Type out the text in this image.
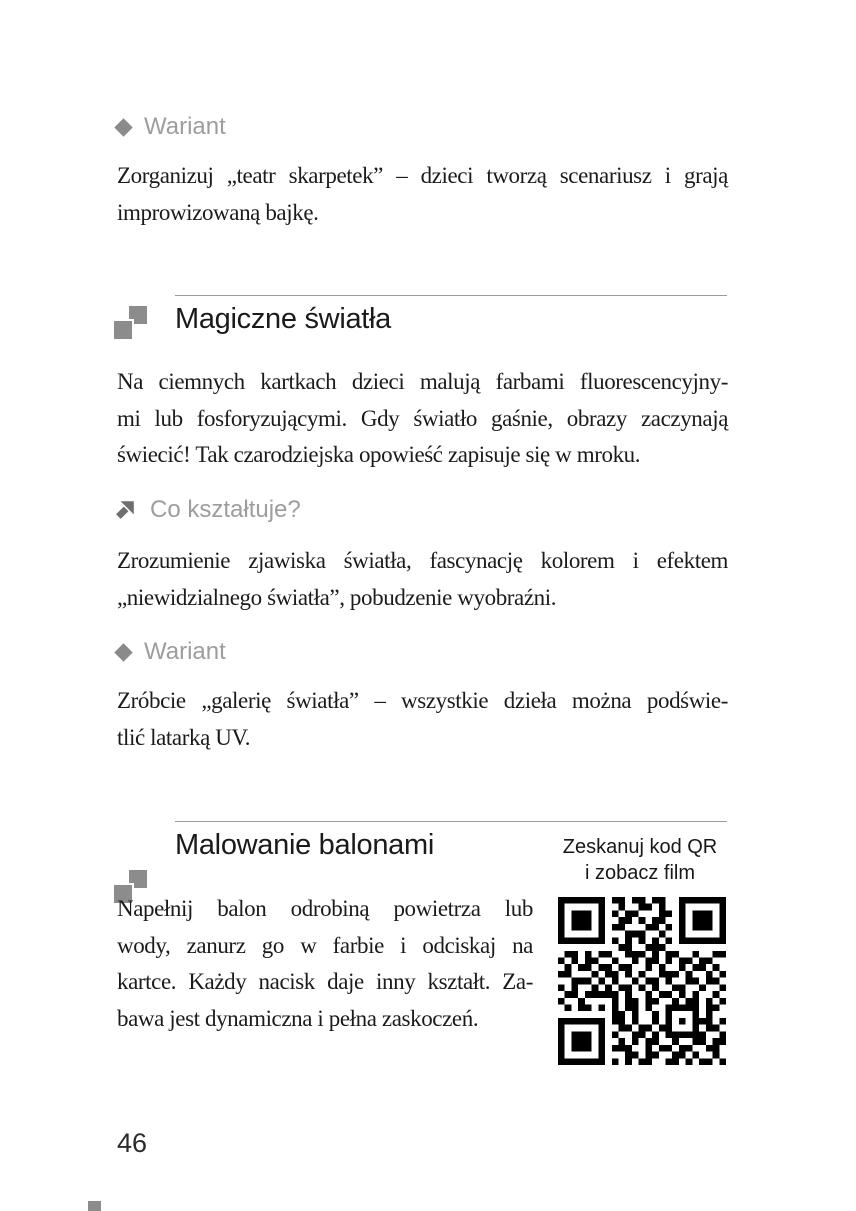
Wariant
Zorganizuj „teatr skarpetek” – dzieci tworzą scenariusz i grają
improwizowaną bajkę.
Magiczne światła
Na ciemnych kartkach dzieci malują farbami fluorescencyjny-
mi lub fosforyzującymi. Gdy światło gaśnie, obrazy zaczynają
świecić! Tak czarodziejska opowieść zapisuje się w mroku.
Co kształtuje?
Zrozumienie zjawiska światła, fascynację kolorem i efektem
„niewidzialnego światła”, pobudzenie wyobraźni.
Wariant
Zróbcie „galerię światła” – wszystkie dzieła można podświe-
tlić latarką UV.
Malowanie balonami	Zeskanuj kod QR
i zobacz film
Napełnij balon odrobiną powietrza lub
wody, zanurz go w farbie i odciskaj na
kartce. Każdy nacisk daje inny kształt. Za-
bawa jest dynamiczna i pełna zaskoczeń.
46
